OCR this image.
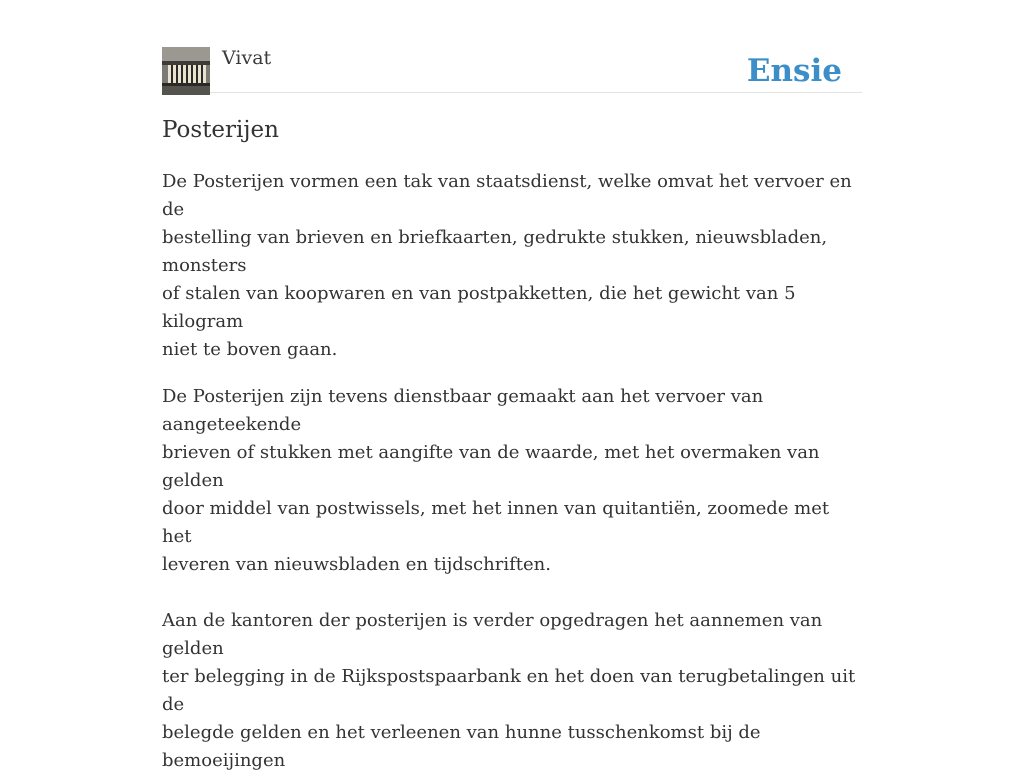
Vivat	Ensie
Posterijen

De Posterijen vormen een tak van staatsdienst, welke omvat het vervoer en de
bestelling van brieven en briefkaarten, gedrukte stukken, nieuwsbladen, monsters
of stalen van koopwaren en van postpakketten, die het gewicht van 5 kilogram
niet te boven gaan.

De Posterijen zijn tevens dienstbaar gemaakt aan het vervoer van aangeteekende
brieven of stukken met aangifte van de waarde, met het overmaken van gelden
door middel van postwissels, met het innen van quitantiën, zoomede met het
leveren van nieuwsbladen en tijdschriften.

Aan de kantoren der posterijen is verder opgedragen het aannemen van gelden
ter belegging in de Rijkspostspaarbank en het doen van terugbetalingen uit de
belegde gelden en het verleenen van hunne tusschenkomst bij de bemoeijingen
